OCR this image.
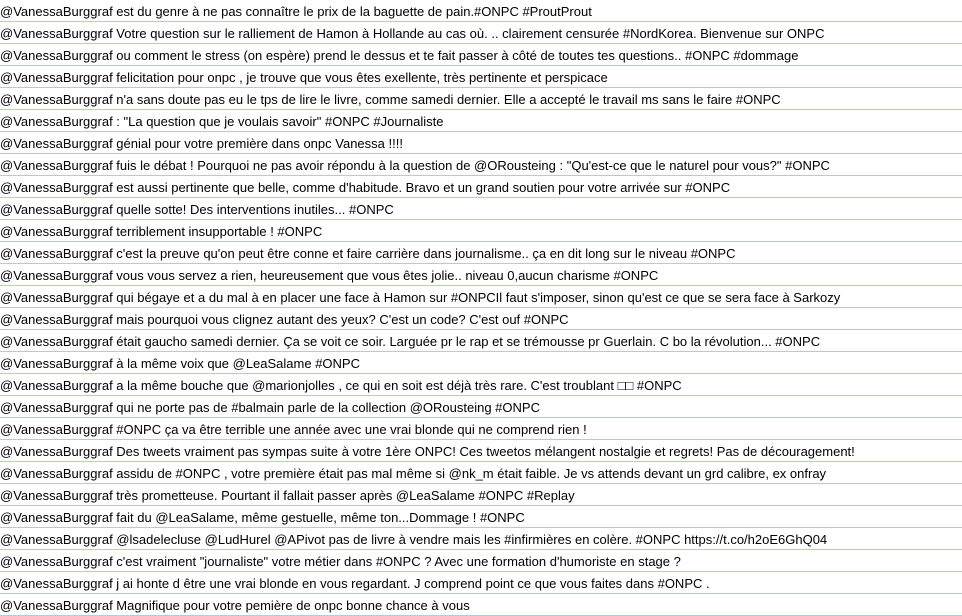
@VanessaBurggraf est du genre à ne pas connaître le prix de la baguette de pain.#ONPC #ProutProut
@VanessaBurggraf Votre question sur le ralliement de Hamon à Hollande au cas où. .. clairement censurée #NordKorea. Bienvenue sur ONPC
@VanessaBurggraf ou comment le stress (on espère) prend le dessus et te fait passer à côté de toutes tes questions.. #ONPC #dommage
@VanessaBurggraf felicitation pour onpc , je trouve que vous êtes exellente, très pertinente et perspicace
@VanessaBurggraf n'a sans doute pas eu le tps de lire le livre, comme samedi dernier. Elle a accepté le travail ms sans le faire #ONPC
@VanessaBurggraf : "La question que je voulais savoir" #ONPC #Journaliste
@VanessaBurggraf génial pour votre première dans onpc Vanessa !!!!
@VanessaBurggraf fuis le débat ! Pourquoi ne pas avoir répondu à la question de @ORousteing : "Qu'est-ce que le naturel pour vous?" #ONPC
@VanessaBurggraf est aussi pertinente que belle, comme d'habitude. Bravo et un grand soutien pour votre arrivée sur #ONPC
@VanessaBurggraf quelle sotte! Des interventions inutiles... #ONPC
@VanessaBurggraf terriblement insupportable ! #ONPC
@VanessaBurggraf c'est la preuve qu'on peut être conne et faire carrière dans journalisme.. ça en dit long sur le niveau #ONPC
@VanessaBurggraf vous vous servez a rien, heureusement que vous êtes jolie.. niveau 0,aucun charisme #ONPC
@VanessaBurggraf qui bégaye et a du mal à en placer une face à Hamon sur #ONPCIl faut s'imposer, sinon qu'est ce que se sera face à Sarkozy
@VanessaBurggraf mais pourquoi vous clignez autant des yeux? C'est un code? C'est ouf #ONPC
@VanessaBurggraf était gaucho samedi dernier. Ça se voit ce soir. Larguée pr le rap et se trémousse pr Guerlain. C bo la révolution... #ONPC
@VanessaBurggraf à la même voix que @LeaSalame #ONPC
@VanessaBurggraf a la même bouche que @marionjolles , ce qui en soit est déjà très rare. C'est troublant □□ #ONPC
@VanessaBurggraf qui ne porte pas de #balmain parle de la collection @ORousteing #ONPC
@VanessaBurggraf #ONPC ça va être terrible une année avec une vrai blonde qui ne comprend rien !
@VanessaBurggraf Des tweets vraiment pas sympas suite à votre 1ère ONPC! Ces tweetos mélangent nostalgie et regrets! Pas de découragement!
@VanessaBurggraf assidu de #ONPC , votre première était pas mal même si @nk_m était faible. Je vs attends devant un grd calibre, ex onfray
@VanessaBurggraf très prometteuse. Pourtant il fallait passer après @LeaSalame #ONPC #Replay
@VanessaBurggraf fait du @LeaSalame, même gestuelle, même ton...Dommage ! #ONPC
@VanessaBurggraf @lsadelecluse @LudHurel @APivot pas de livre à vendre mais les #infirmières en colère. #ONPC https://t.co/h2oE6GhQ04
@VanessaBurggraf c'est vraiment "journaliste" votre métier dans #ONPC ? Avec une formation d'humoriste en stage ?
@VanessaBurggraf j ai honte d être une vrai blonde en vous regardant. J comprend point ce que vous faites dans #ONPC .
@VanessaBurggraf Magnifique pour votre pemière de onpc bonne chance à vous
